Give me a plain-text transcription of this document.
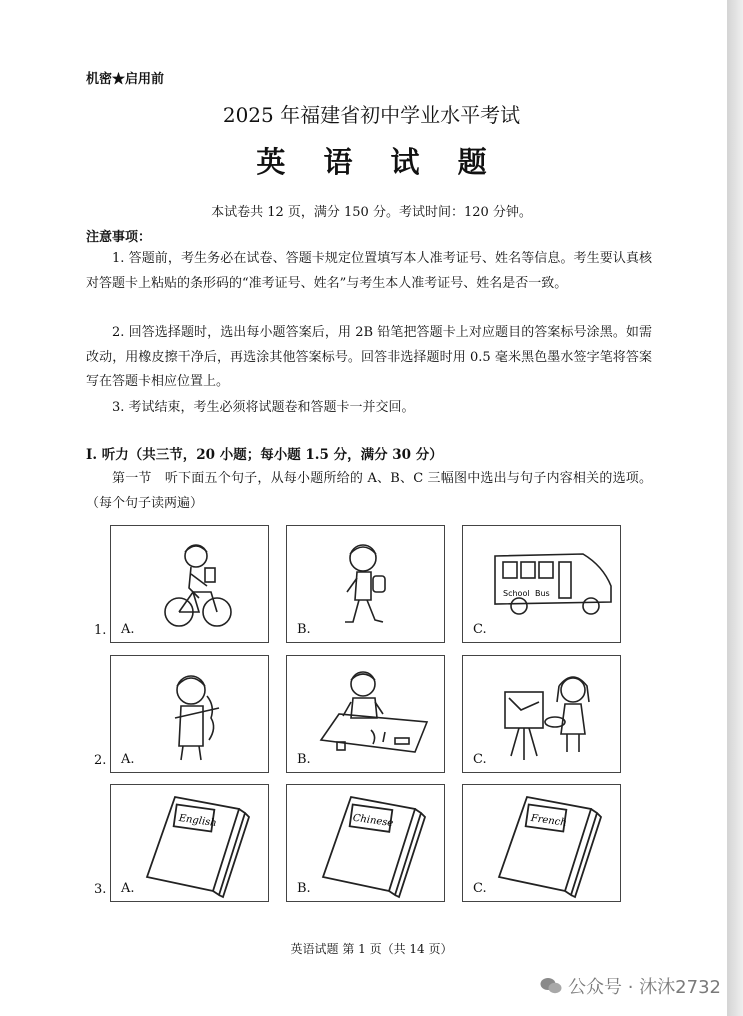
机密★启用前
2025 年福建省初中学业水平考试
英 语 试 题
本试卷共 12 页，满分 150 分。考试时间：120 分钟。
注意事项：
1. 答题前，考生务必在试卷、答题卡规定位置填写本人准考证号、姓名等信息。考生要认真核对答题卡上粘贴的条形码的“准考证号、姓名”与考生本人准考证号、姓名是否一致。
2. 回答选择题时，选出每小题答案后，用 2B 铅笔把答题卡上对应题目的答案标号涂黑。如需改动，用橡皮擦干净后，再选涂其他答案标号。回答非选择题时用 0.5 毫米黑色墨水签字笔将答案写在答题卡相应位置上。
3. 考试结束，考生必须将试题卷和答题卡一并交回。
Ⅰ. 听力（共三节，20 小题；每小题 1.5 分，满分 30 分）
第一节　听下面五个句子，从每小题所给的 A、B、C 三幅图中选出与句子内容相关的选项。（每个句子读两遍）
1. A.	B.
School Bus
C.
2. A.	B.	C.
3.
English
A.
Chinese
B.
French
C.
英语试题 第 1 页（共 14 页）
公众号 · 沐沐2732
